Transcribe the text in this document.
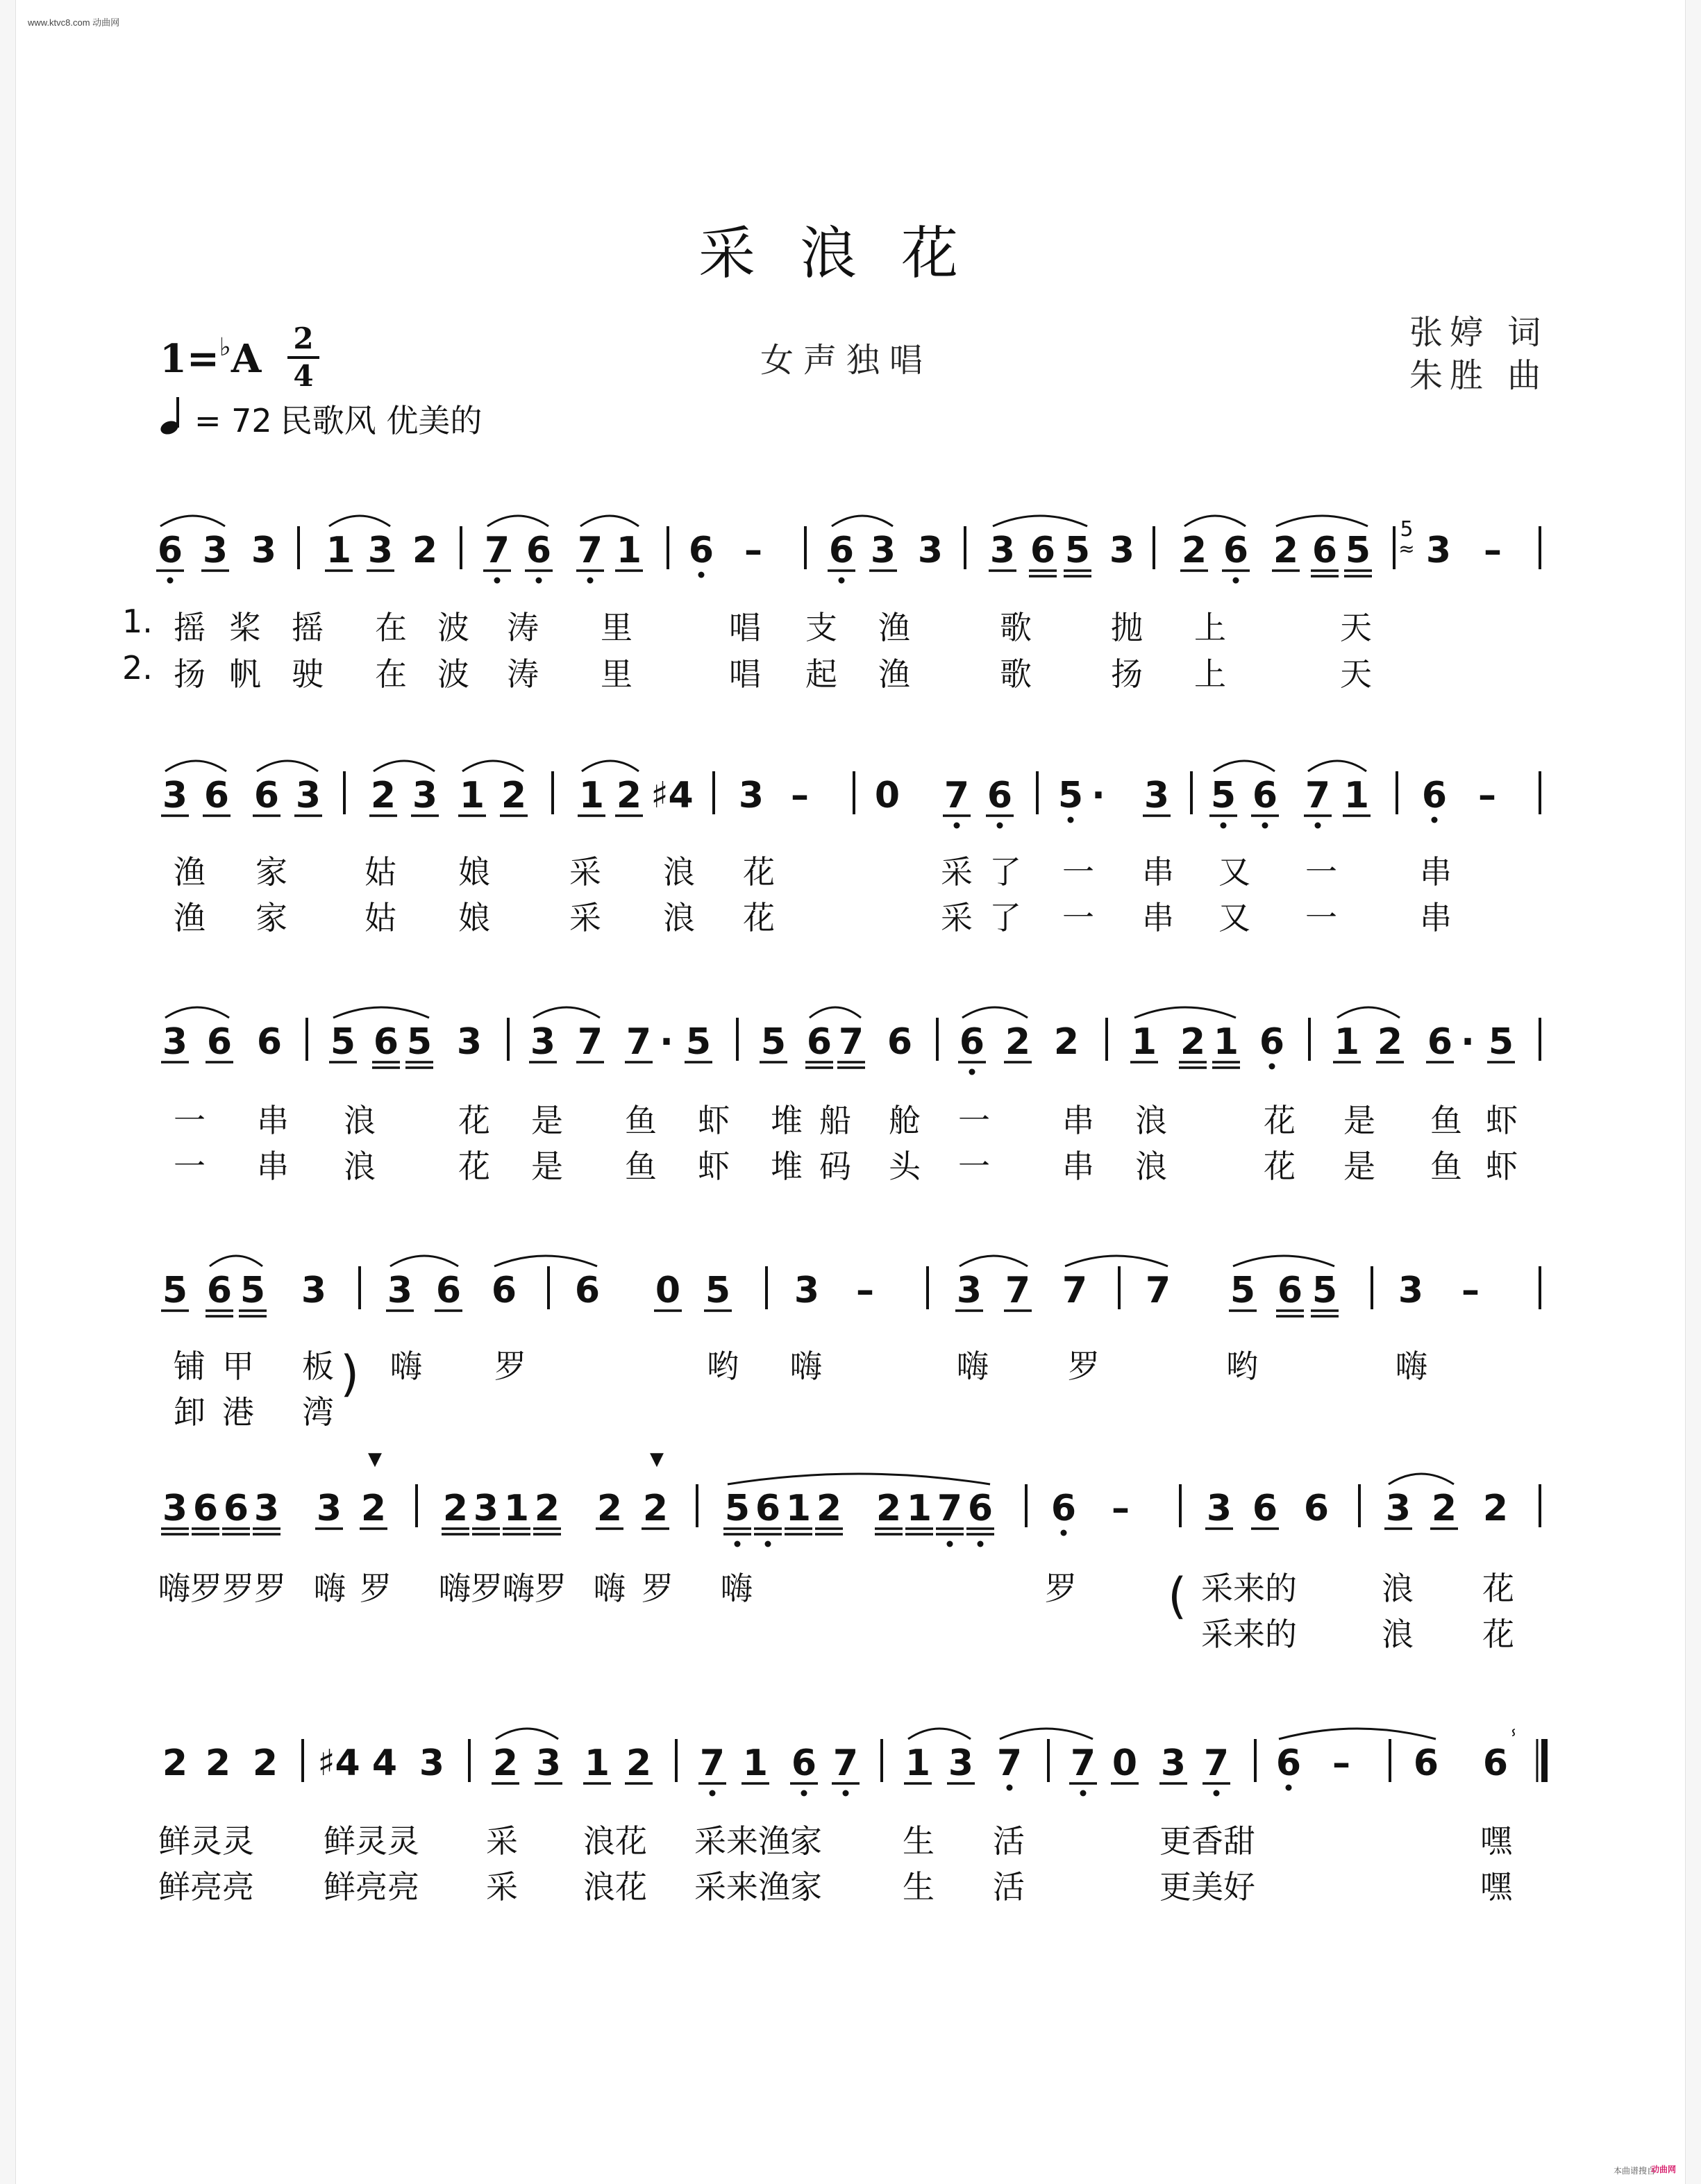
www.ktvc8.com 动曲网
采浪花
1=♭A 2
4	女声独唱
张婷 词
朱胜 曲
= 72 民歌风 优美的
6 3 3 1 3 2 7 6 7 1 6 – 6 3 3 3 6 5 3 2 6 2 6 5 3 –
5
≈
3 6 6 3 2 3 1 2 1 2 ♯4 3 – 0 7 6 5 · 3 5 6 7 1 6 –
3 6 6 5 6 5 3 3 7 7 · 5 5 6 7 6 6 2 2 1 2 1 6 1 2 6 · 5
5 6 5 3 3 6 6 6 0 5 3 – 3 7 7 7 5 6 5 3 –
3 6 6 3 3 2 2 3 1 2 2 2 5 6 1 2 2 1 7 6 6 – 3 6 6 3 2 2
▼	▼
2 2 2 ♯4 4 3 2 3 1 2 7 1 6 7 1 3 7 7 0 3 7 6 – 6 6 ⸯ
1. 摇 桨 摇 在 波 涛 里	唱 支 渔	歌 抛 上	天
2. 扬 帆 驶 在 波 涛 里	唱 起 渔	歌 扬 上	天
渔 家 姑 娘 采 浪 花	采 了 一 串 又 一	串
渔 家 姑 娘 采 浪 花	采 了 一 串 又 一	串
一 串 浪	花 是 鱼 虾 堆 船 舱 一 串 浪	花 是 鱼 虾
一 串 浪	花 是 鱼 虾 堆 码 头 一 串 浪	花 是 鱼 虾
铺 甲 板 嗨 罗	哟 嗨	嗨 罗	哟	嗨
卸 港 湾
)
嗨罗罗罗 嗨 罗 嗨罗嗨罗 嗨 罗 嗨	罗	采来的	浪 花
采来的	浪 花
(
鲜灵灵 鲜灵灵 采 浪花 采来渔家	生 活	更香甜	嘿
鲜亮亮 鲜亮亮 采 浪花 采来渔家	生 活	更美好	嘿
本曲谱搜自
动曲网
